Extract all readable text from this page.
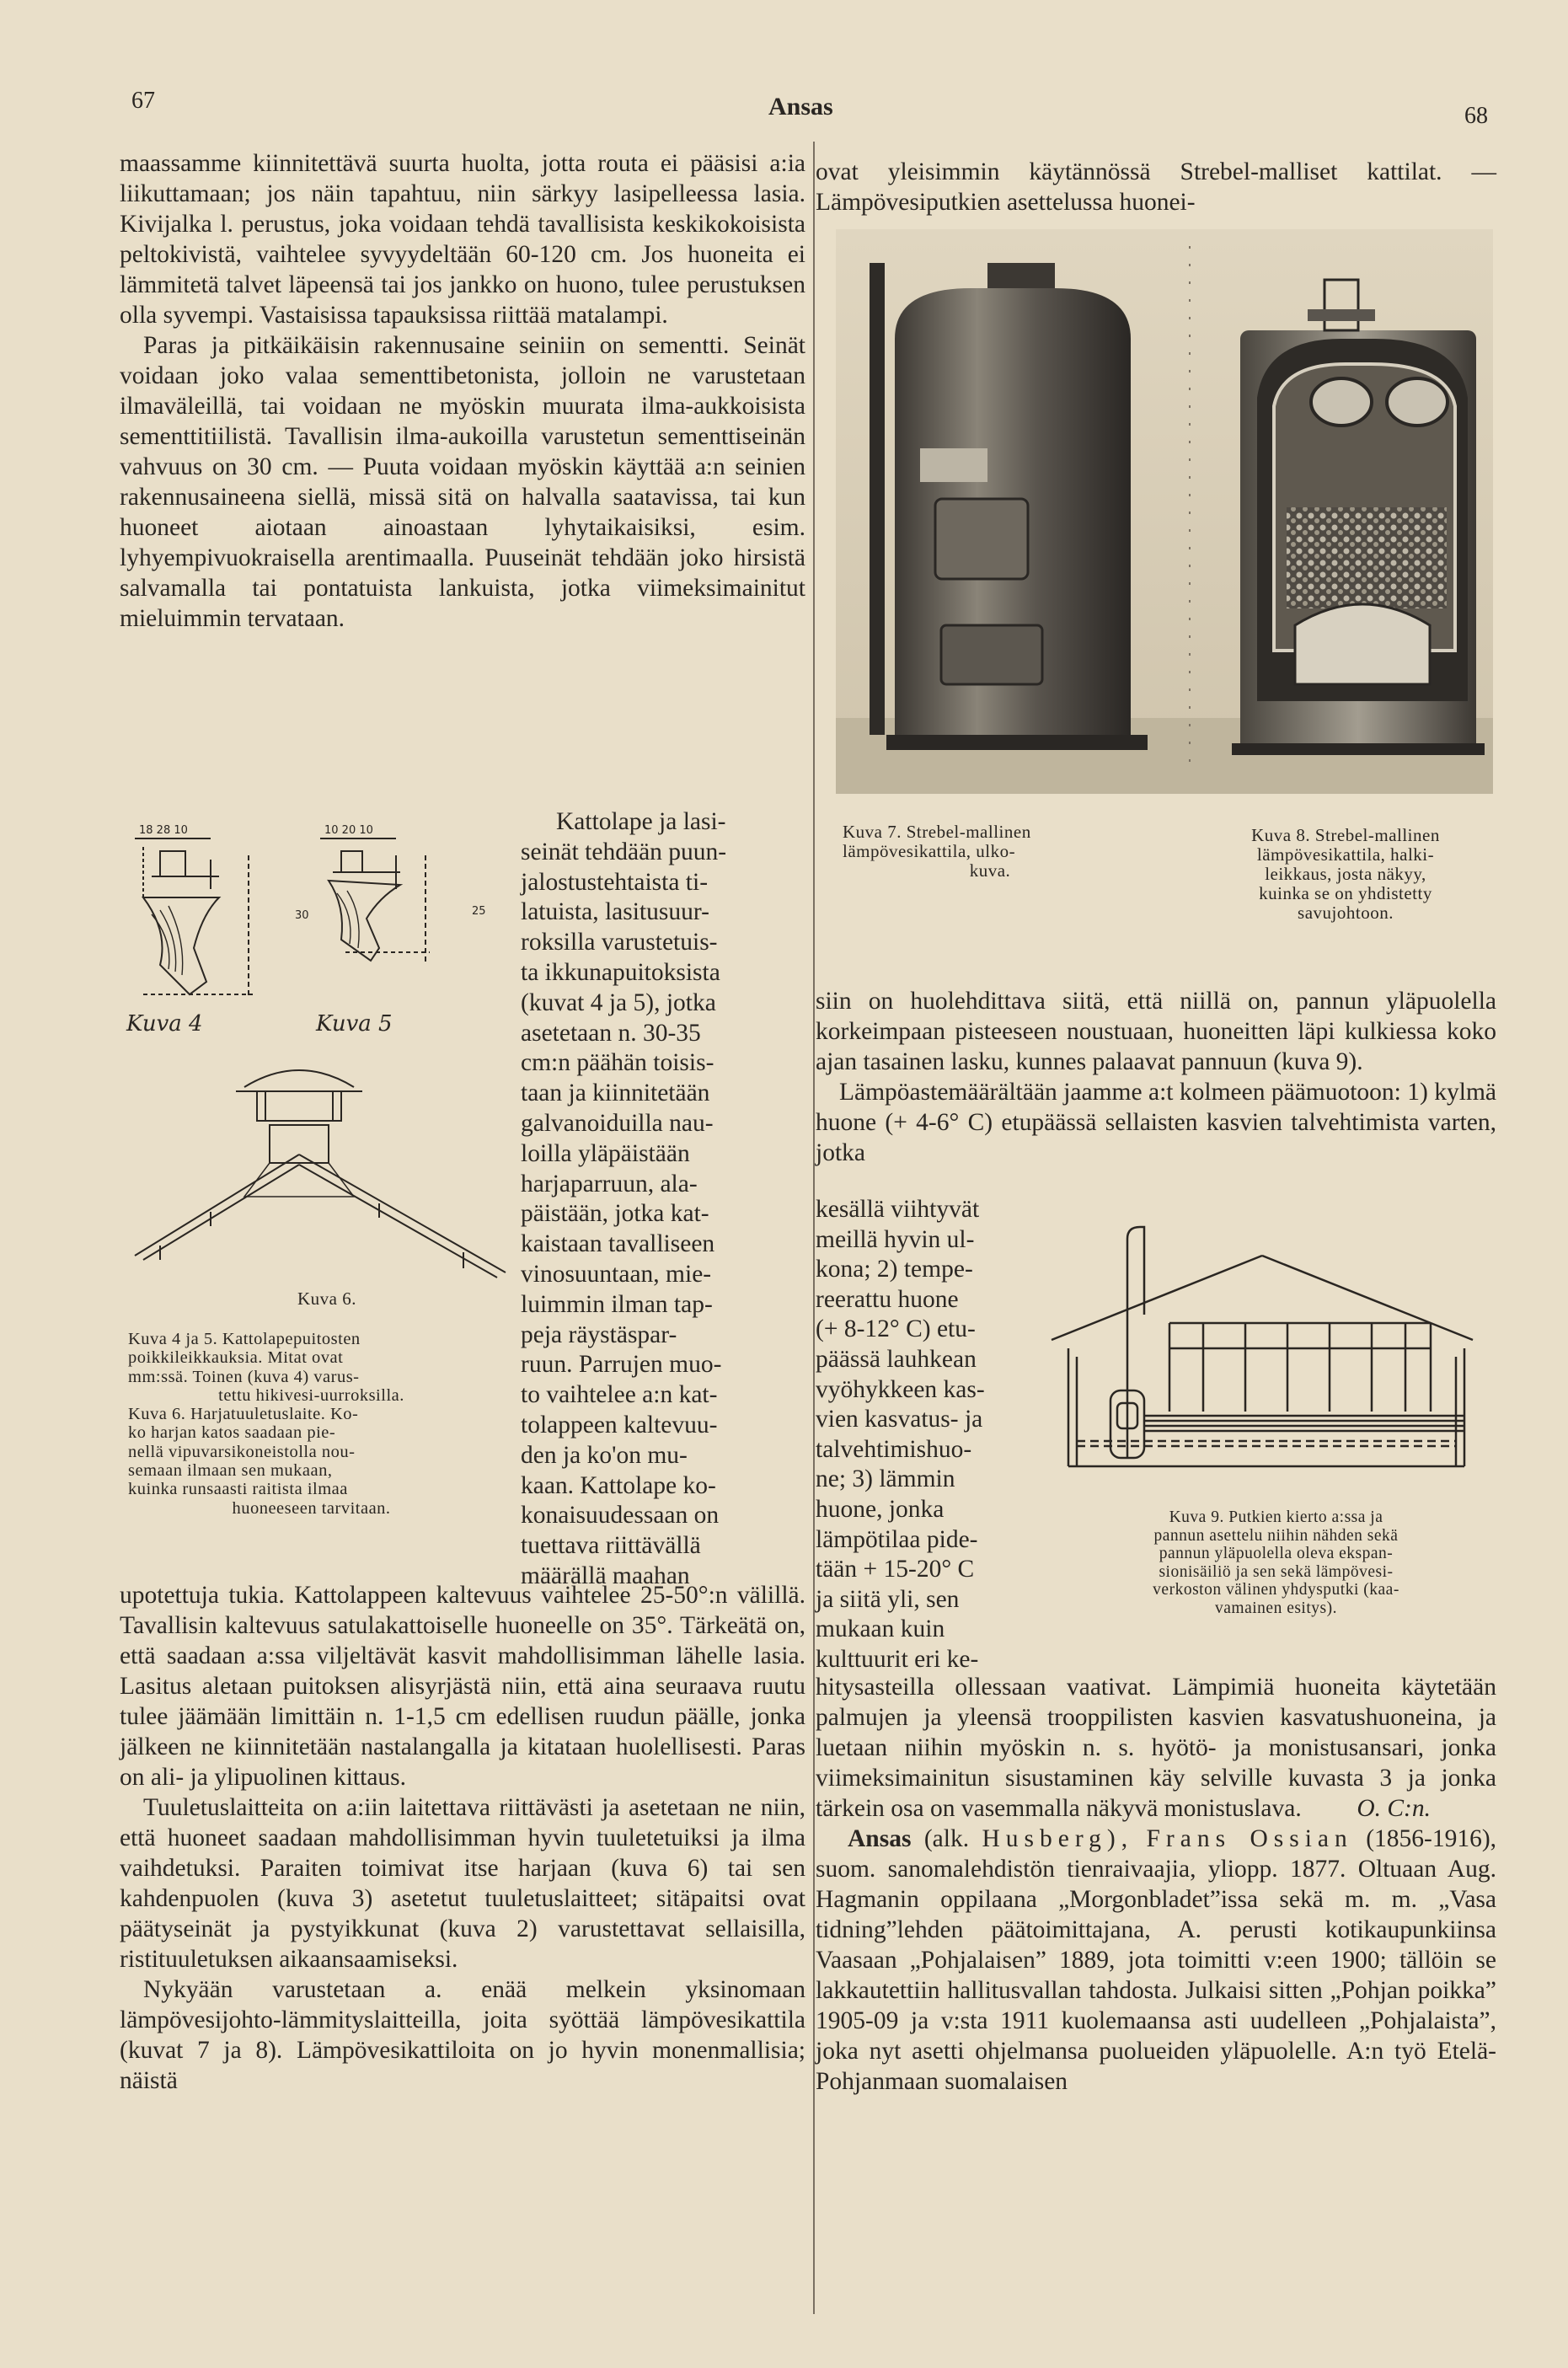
67	Ansas	68

maassamme kiinnitettävä suurta huolta, jotta routa ei pääsisi a:ia liikuttamaan; jos näin tapahtuu, niin särkyy lasipelleessa lasia. Kivijalka l. perustus, joka voidaan tehdä tavallisista keskikokoisista peltokivistä, vaihtelee syvyydeltään 60-120 cm. Jos huoneita ei lämmitetä talvet läpeensä tai jos jankko on huono, tulee perustuksen olla syvempi. Vastaisissa tapauksissa riittää matalampi.

Paras ja pitkäikäisin rakennusaine seiniin on sementti. Seinät voidaan joko valaa sementtibetonista, jolloin ne varustetaan ilmaväleillä, tai voidaan ne myöskin muurata ilma-aukkoisista sementtitiilistä. Tavallisin ilma-aukoilla varustetun sementtiseinän vahvuus on 30 cm. — Puuta voidaan myöskin käyttää a:n seinien rakennusaineena siellä, missä sitä on halvalla saatavissa, tai kun huoneet aiotaan ainoastaan lyhytaikaisiksi, esim. lyhyempivuokraisella arentimaalla. Puuseinät tehdään joko hirsistä salvamalla tai pontatuista lankuista, jotka viimeksimainitut mieluimmin tervataan.

18 28 10	10 20 10
30	25
Kuva 4	Kuva 5
Kuva 6.
Kuva 4 ja 5. Kattolapepuitosten
poikkileikkauksia. Mitat ovat
mm:ssä. Toinen (kuva 4) varus-
tettu hikivesi-uurroksilla.
Kuva 6. Harjatuuletuslaite. Ko-
ko harjan katos saadaan pie-
nellä vipuvarsikoneistolla nou-
semaan ilmaan sen mukaan,
kuinka runsaasti raitista ilmaa
huoneeseen tarvitaan.
Kattolape ja lasi-
seinät tehdään puun-
jalostustehtaista ti-
latuista, lasitusuur-
roksilla varustetuis-
ta ikkunapuitoksista
(kuvat 4 ja 5), jotka
asetetaan n. 30-35
cm:n päähän toisis-
taan ja kiinnitetään
galvanoiduilla nau-
loilla yläpäistään
harjaparruun, ala-
päistään, jotka kat-
kaistaan tavalliseen
vinosuuntaan, mie-
luimmin ilman tap-
peja räystäspar-
ruun. Parrujen muo-
to vaihtelee a:n kat-
tolappeen kaltevuu-
den ja ko'on mu-
kaan. Kattolape ko-
konaisuudessaan on
tuettava riittävällä
määrällä maahan

upotettuja tukia. Kattolappeen kaltevuus vaihtelee 25-50°:n välillä. Tavallisin kaltevuus satulakattoiselle huoneelle on 35°. Tärkeätä on, että saadaan a:ssa viljeltävät kasvit mahdollisimman lähelle lasia. Lasitus aletaan puitoksen alisyrjästä niin, että aina seuraava ruutu tulee jäämään limittäin n. 1-1,5 cm edellisen ruudun päälle, jonka jälkeen ne kiinnitetään nastalangalla ja kitataan huolellisesti. Paras on ali- ja ylipuolinen kittaus.

Tuuletuslaitteita on a:iin laitettava riittävästi ja asetetaan ne niin, että huoneet saadaan mahdollisimman hyvin tuuletetuiksi ja ilma vaihdetuksi. Paraiten toimivat itse harjaan (kuva 6) tai sen kahdenpuolen (kuva 3) asetetut tuuletuslaitteet; sitäpaitsi ovat päätyseinät ja pystyikkunat (kuva 2) varustettavat sellaisilla, ristituuletuksen aikaansaamiseksi.

Nykyään varustetaan a. enää melkein yksinomaan lämpövesijohto-lämmityslaitteilla, joita syöttää lämpövesikattila (kuvat 7 ja 8). Lämpövesikattiloita on jo hyvin monenmallisia; näistä

ovat yleisimmin käytännössä Strebel-malliset kattilat. — Lämpövesiputkien asettelussa huonei-

Kuva 7. Strebel-mallinen
lämpövesikattila, ulko-
kuva.
Kuva 8. Strebel-mallinen
lämpövesikattila, halki-
leikkaus, josta näkyy,
kuinka se on yhdistetty
savujohtoon.

siin on huolehdittava siitä, että niillä on, pannun yläpuolella korkeimpaan pisteeseen noustuaan, huoneitten läpi kulkiessa koko ajan tasainen lasku, kunnes palaavat pannuun (kuva 9).

Lämpöastemäärältään jaamme a:t kolmeen päämuotoon: 1) kylmä huone (+ 4-6° C) etupäässä sellaisten kasvien talvehtimista varten, jotka

kesällä viihtyvät
meillä hyvin ul-
kona; 2) tempe-
reerattu huone
(+ 8-12° C) etu-
päässä lauhkean
vyöhykkeen kas-
vien kasvatus- ja
talvehtimishuo-
ne; 3) lämmin
huone, jonka
lämpötilaa pide-
tään + 15-20° C
ja siitä yli, sen
mukaan kuin
kulttuurit eri ke-
Kuva 9. Putkien kierto a:ssa ja
pannun asettelu niihin nähden sekä
pannun yläpuolella oleva ekspan-
sionisäiliö ja sen sekä lämpövesi-
verkoston välinen yhdysputki (kaa-
vamainen esitys).

hitysasteilla ollessaan vaativat. Lämpimiä huoneita käytetään palmujen ja yleensä trooppilisten kasvien kasvatushuoneina, ja luetaan niihin myöskin n. s. hyötö- ja monistusansari, jonka viimeksimainitun sisustaminen käy selville kuvasta 3 ja jonka tärkein osa on vasemmalla näkyvä monistuslava.	O. C:n.

Ansas (alk. Husberg), Frans Ossian (1856-1916), suom. sanomalehdistön tienraivaajia, yliopp. 1877. Oltuaan Aug. Hagmanin oppilaana „Morgonbladet”issa sekä m. m. „Vasa tidning”lehden päätoimittajana, A. perusti kotikaupunkiinsa Vaasaan „Pohjalaisen” 1889, jota toimitti v:een 1900; tällöin se lakkautettiin hallitusvallan tahdosta. Julkaisi sitten „Pohjan poikka” 1905-09 ja v:sta 1911 kuolemaansa asti uudelleen „Pohjalaista”, joka nyt asetti ohjelmansa puolueiden yläpuolelle. A:n työ Etelä-Pohjanmaan suomalaisen
